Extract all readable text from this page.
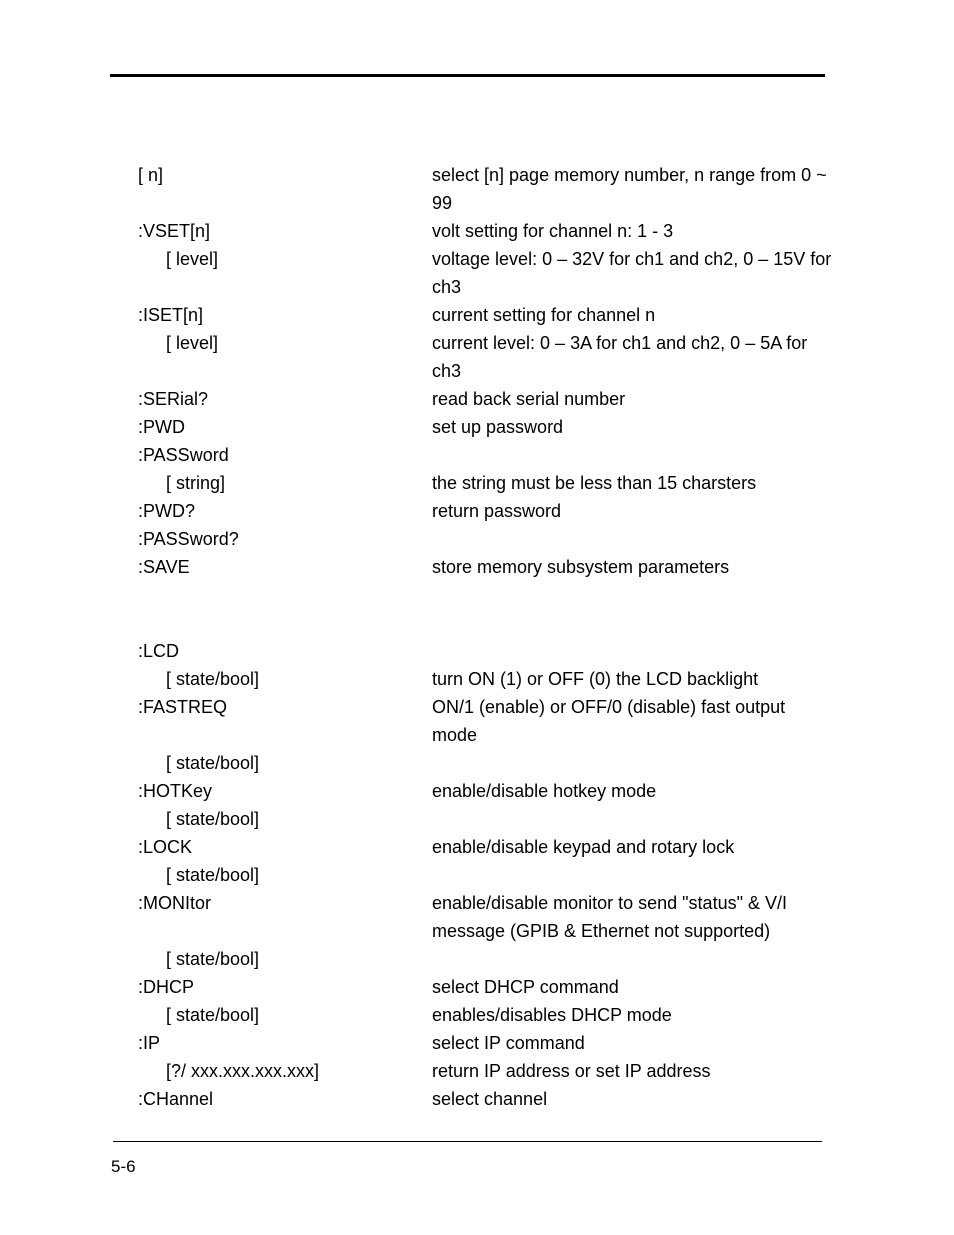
[ n]	select [n] page memory number, n range from 0 ~ 99
:VSET[n]	volt setting for channel n: 1 - 3
[ level]	voltage level: 0 – 32V for ch1 and ch2, 0 – 15V for ch3
:ISET[n]	current setting for channel n
[ level]	current level: 0 – 3A for ch1 and ch2, 0 – 5A for ch3
:SERial?	read back serial number
:PWD	set up password
:PASSword
[ string]	the string must be less than 15 charsters
:PWD?	return password
:PASSword?
:SAVE	store memory subsystem parameters
:LCD
[ state/bool]	turn ON (1) or OFF (0) the LCD backlight
:FASTREQ	ON/1 (enable) or OFF/0 (disable) fast output mode
[ state/bool]
:HOTKey	enable/disable hotkey mode
[ state/bool]
:LOCK	enable/disable keypad and rotary lock
[ state/bool]
:MONItor	enable/disable monitor to send "status" & V/I message (GPIB & Ethernet not supported)
[ state/bool]
:DHCP	select DHCP command
[ state/bool]	enables/disables DHCP mode
:IP	select IP command
[?/ xxx.xxx.xxx.xxx]	return IP address or set IP address
:CHannel	select channel
5-6
